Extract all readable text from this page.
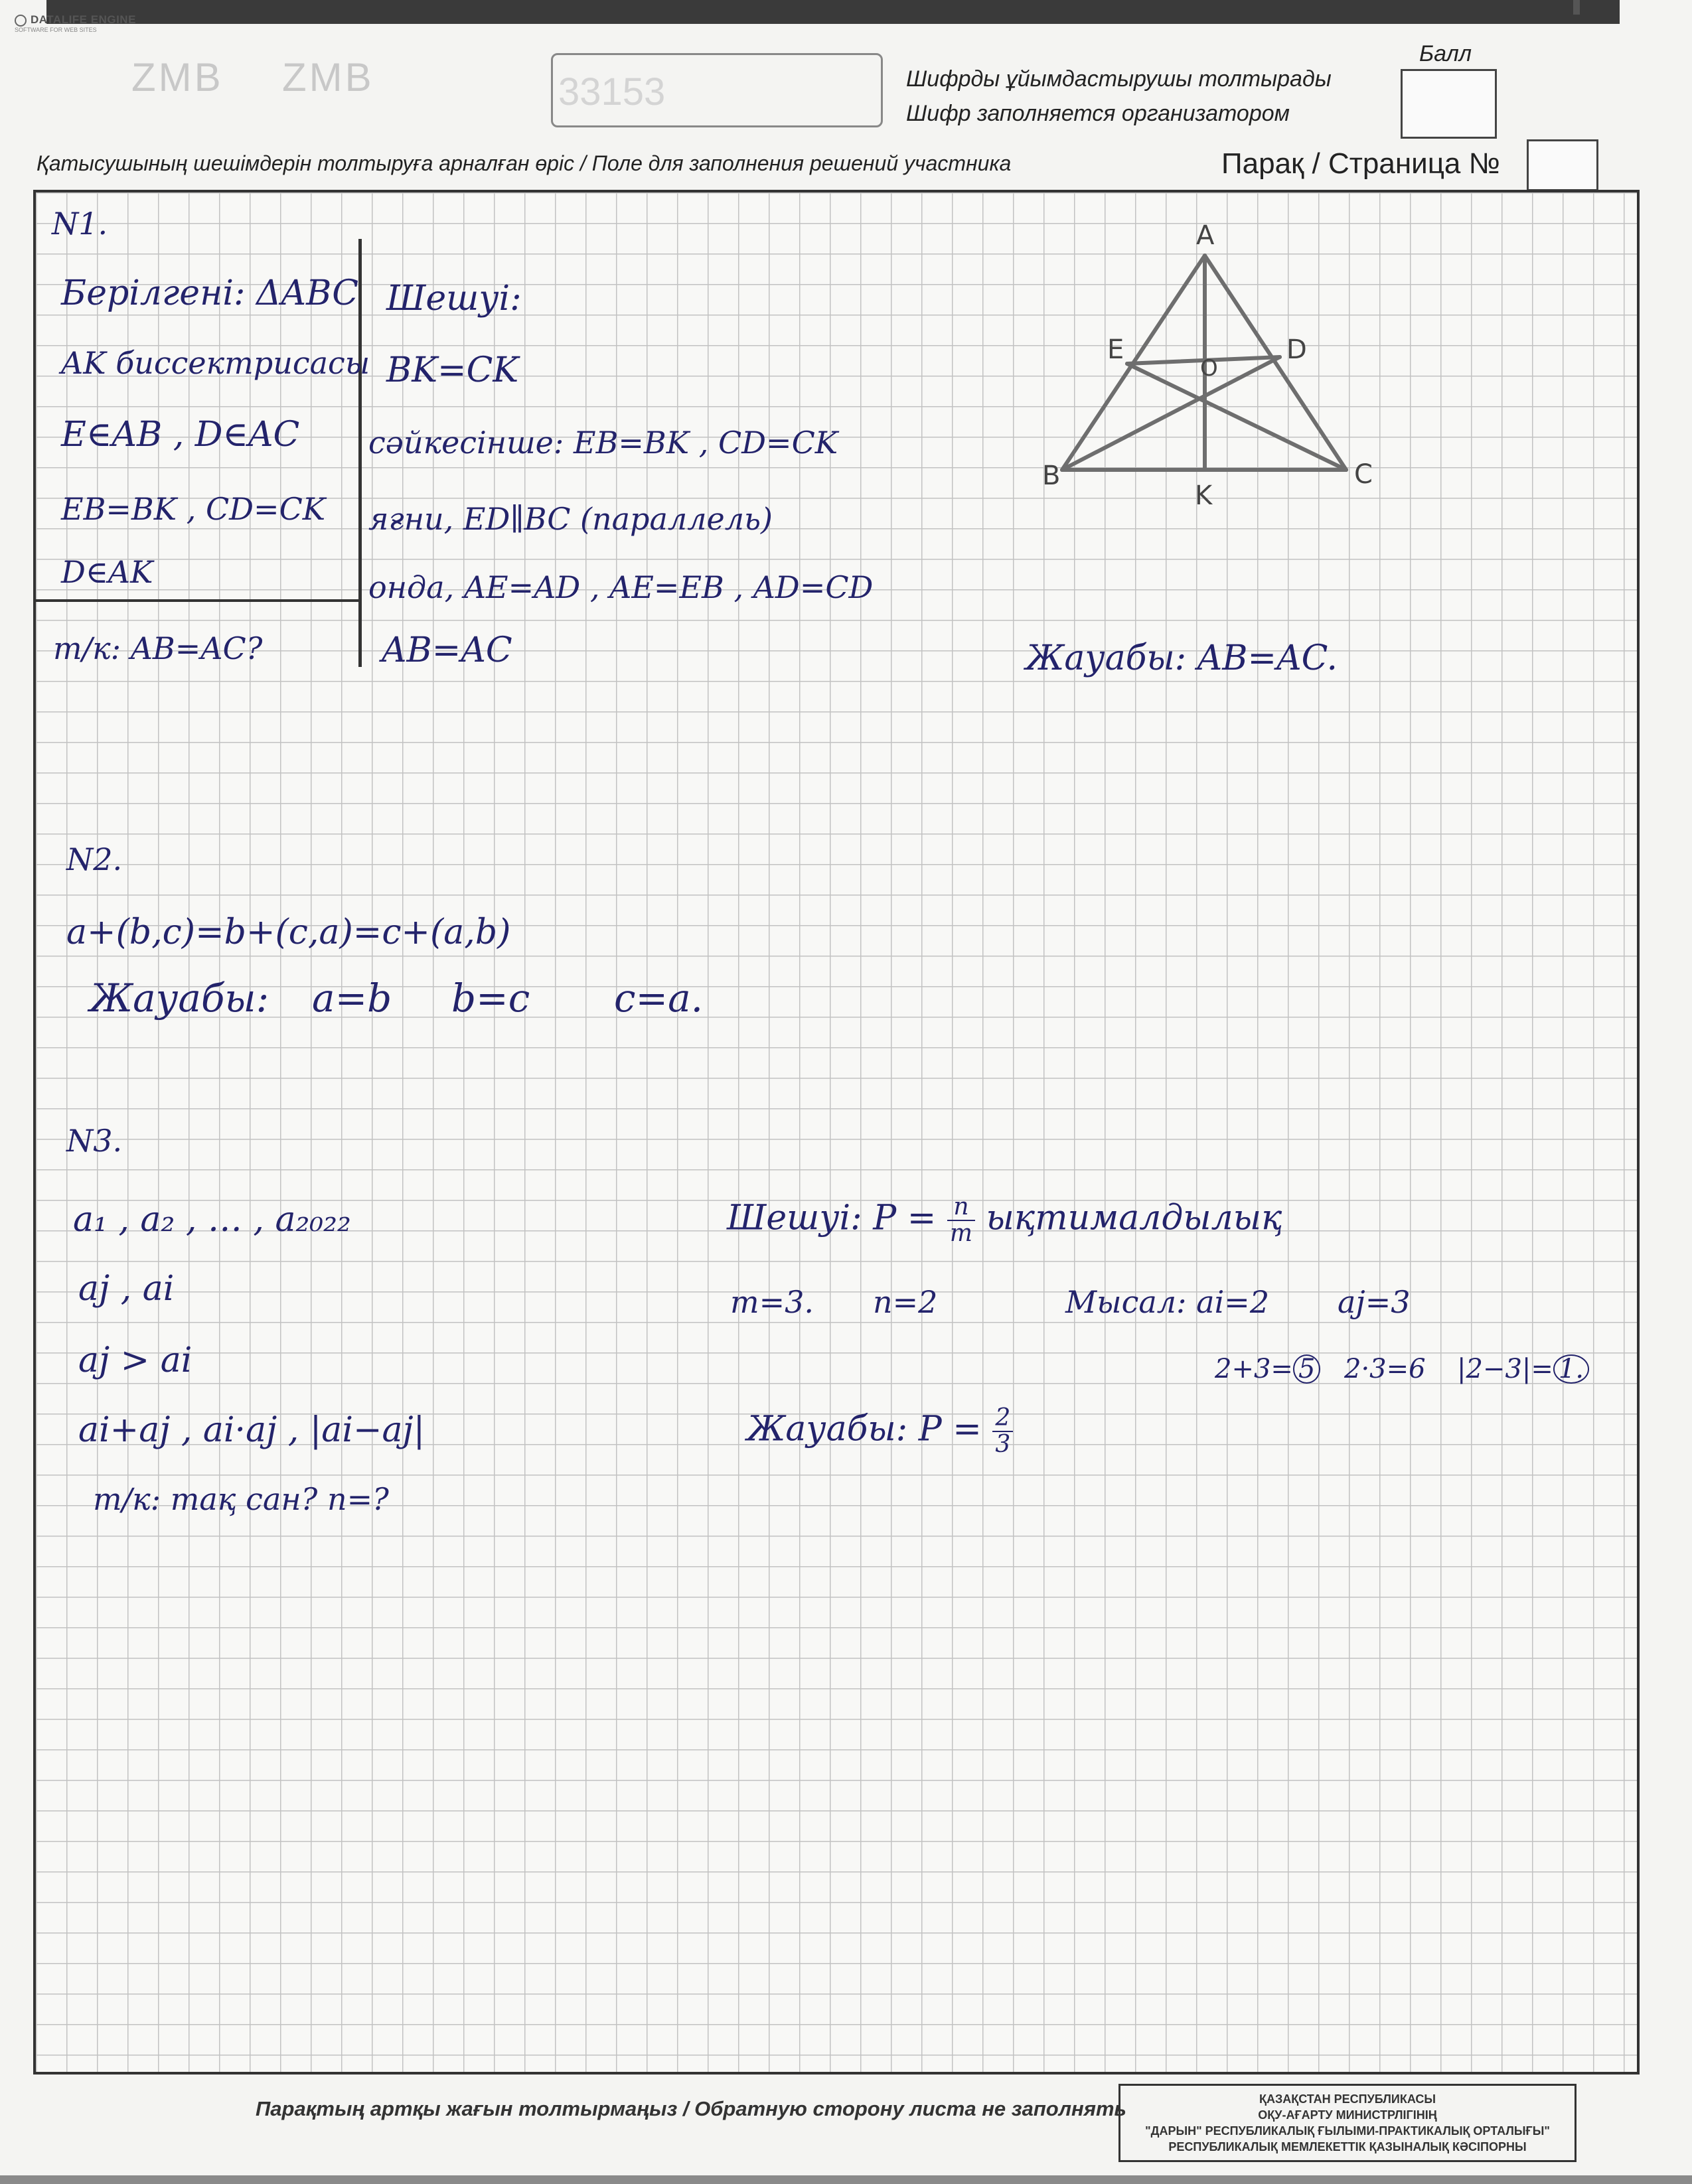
DATALIFE ENGINE
SOFTWARE FOR WEB SITES
ZMB ZMB	33153	Шифрды ұйымдастырушы толтырады
Шифр заполняется организатором
Балл
Қатысушының шешімдерін толтыруға арналған өріс / Поле для заполнения решений участника	Парақ / Страница №
N1.
Берілгені: ΔABC
AK биссектрисасы
E∈AB , D∈AC
EB=BK , CD=CK
D∈AK
т/к: AB=AC?
Шешуі:
BK=CK
сәйкесінше: EB=BK , CD=CK
яғни, ED∥BC (параллель)
онда, AE=AD , AE=EB , AD=CD
AB=AC
A
B	C
D
E
O
K
Жауабы: AB=AC.
N2.
a+(b,c)=b+(c,a)=c+(a,b)
Жауабы: a=b b=c c=a.
N3.
a₁ , a₂ , … , a₂₀₂₂
aj , ai
aj > ai
ai+aj , ai·aj , |ai−aj|
т/к: тақ сан? n=?
Шешуі: $P = \frac{n}{m}$ ықтималдылық
m=3. n=2	Мысал: ai=2 aj=3
2+3= 5 2·3=6 |2−3|= 1.
Жауабы: $P = \frac{2}{3}$
Парақтың артқы жағын толтырмаңыз / Обратную сторону листа не заполнять	ҚАЗАҚСТАН РЕСПУБЛИКАСЫ
ОҚУ-АҒАРТУ МИНИСТРЛІГІНІҢ
"ДАРЫН" РЕСПУБЛИКАЛЫҚ ҒЫЛЫМИ-ПРАКТИКАЛЫҚ ОРТАЛЫҒЫ"
РЕСПУБЛИКАЛЫҚ МЕМЛЕКЕТТІК ҚАЗЫНАЛЫҚ КӘСІПОРНЫ
